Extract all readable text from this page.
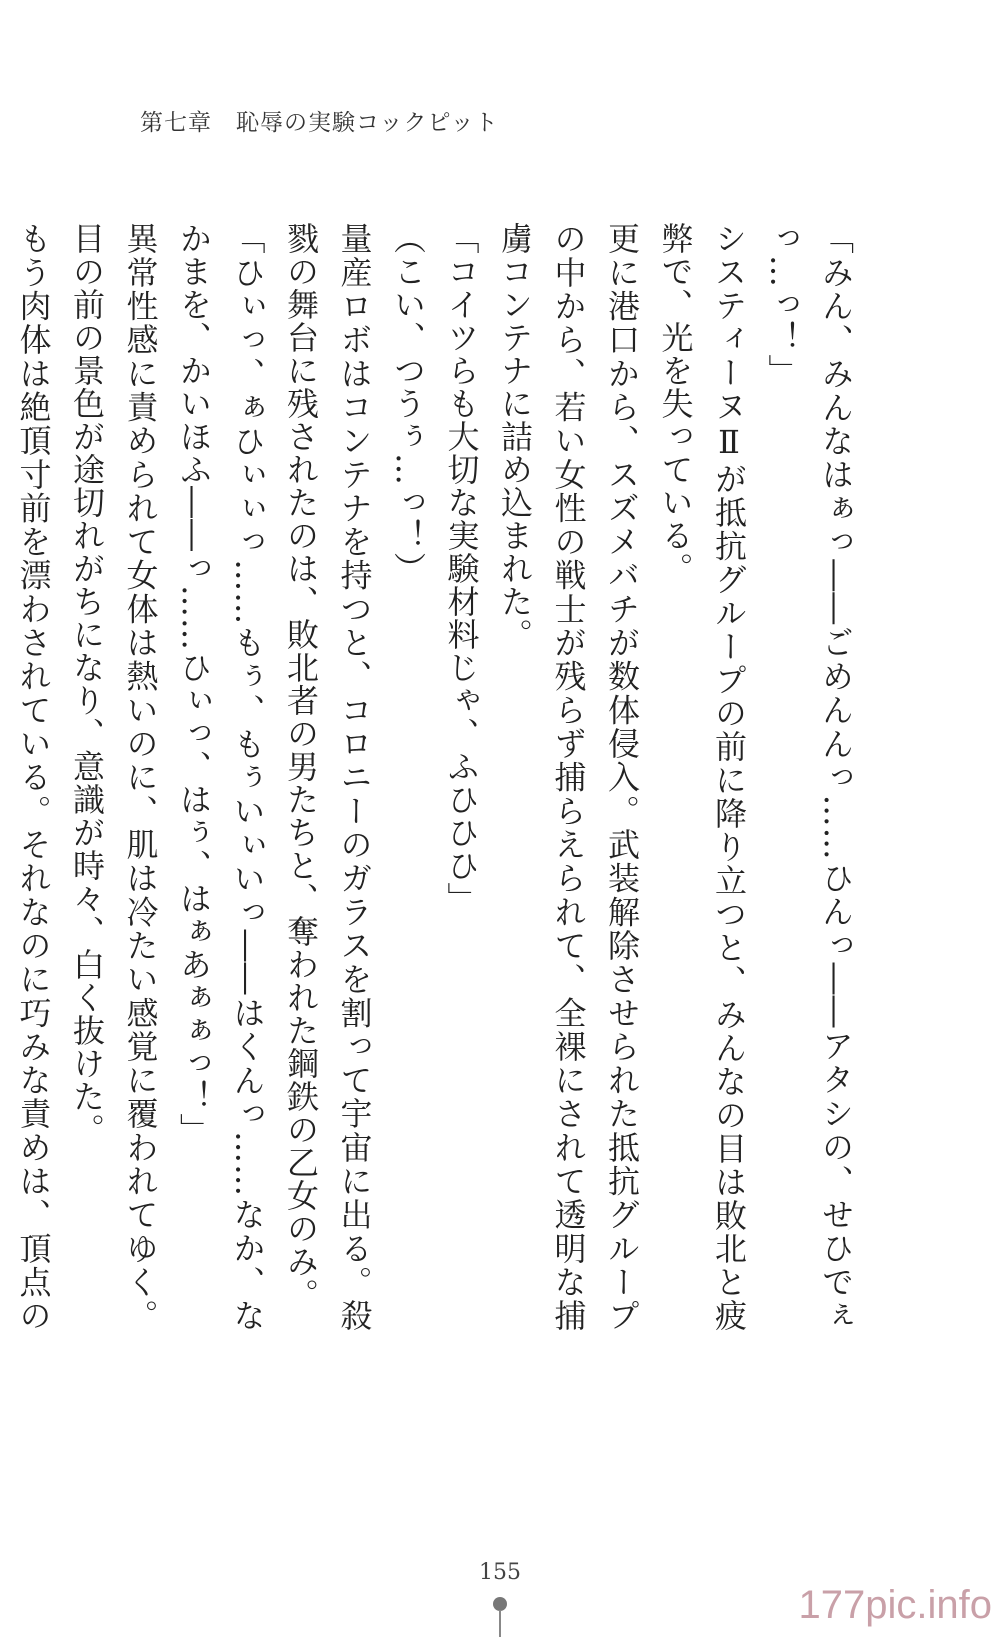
第七章　恥辱の実験コックピット

「みん、みんなはぁっ――ごめんんっ……ひんっ――アタシの、せひでぇっ…っ！」

システィーヌⅡが抵抗グループの前に降り立つと、みんなの目は敗北と疲弊で、光を失っている。

更に港口から、スズメバチが数体侵入。武装解除させられた抵抗グループの中から、若い女性の戦士が残らず捕らえられて、全裸にされて透明な捕虜コンテナに詰め込まれた。

「コイツらも大切な実験材料じゃ、ふひひひ」

（こい、つうぅ…っ！）

量産ロボはコンテナを持つと、コロニーのガラスを割って宇宙に出る。殺戮の舞台に残されたのは、敗北者の男たちと、奪われた鋼鉄の乙女のみ。

「ひぃっ、ぁひぃぃっ……もぅ、もぅいぃいっ――はくんっ……なか、なかまを、かいほふ――っ……ひぃっ、はぅ、はぁあぁぁっ！」

異常性感に責められて女体は熱いのに、肌は冷たい感覚に覆われてゆく。目の前の景色が途切れがちになり、意識が時々、白く抜けた。

もう肉体は絶頂寸前を漂わされている。それなのに巧みな責めは、頂点の

155
177pic.info
